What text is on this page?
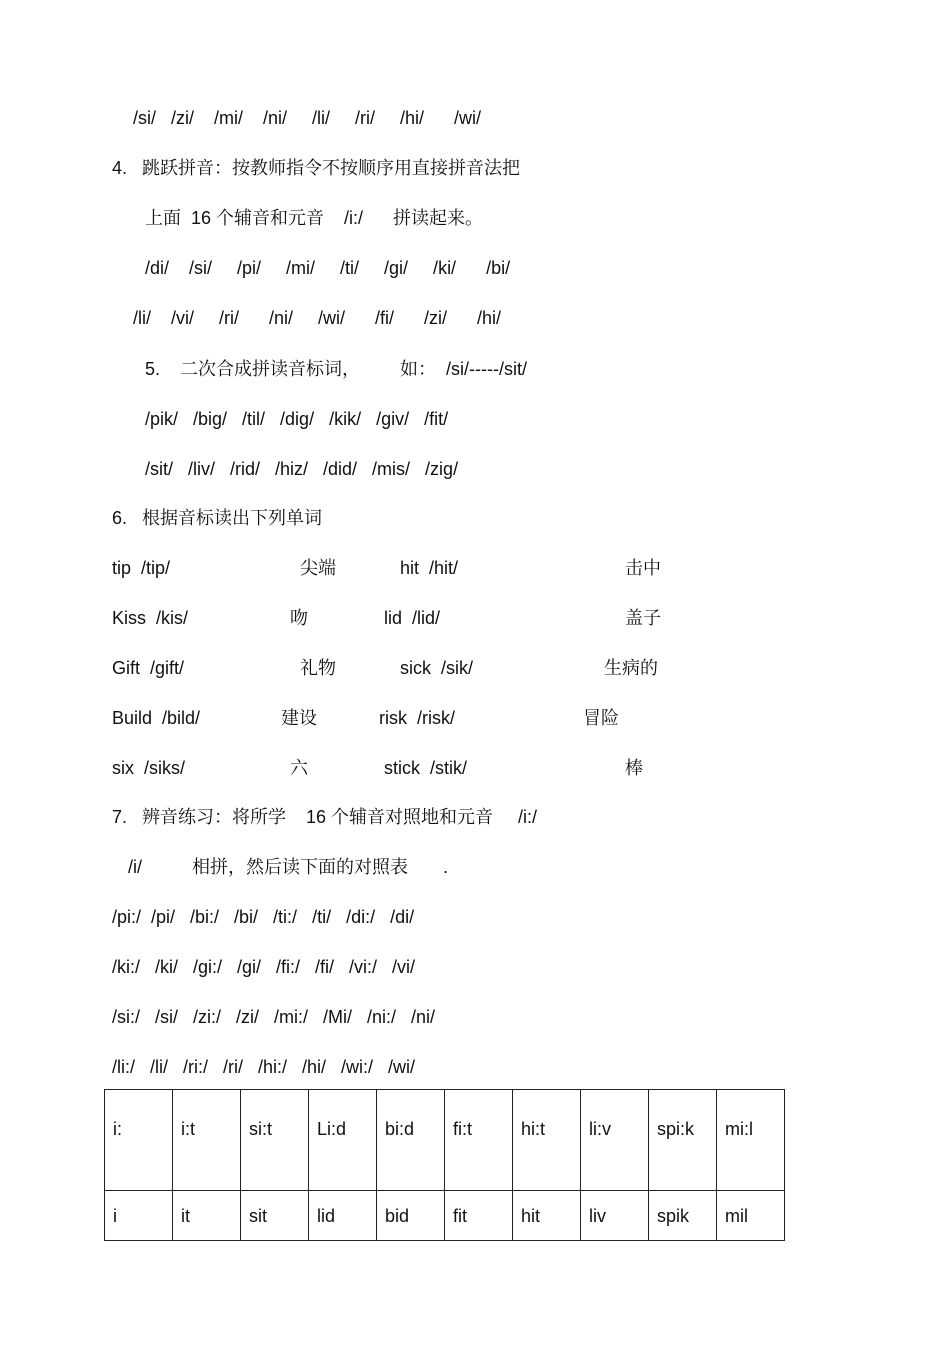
/si/   /zi/    /mi/    /ni/     /li/     /ri/     /hi/      /wi/
4.   跳跃拼音：按教师指令不按顺序用直接拼音法把
上面  16 个辅音和元音    /i:/      拼读起来。
/di/    /si/     /pi/     /mi/     /ti/     /gi/     /ki/      /bi/
/li/    /vi/     /ri/      /ni/     /wi/      /fi/      /zi/      /hi/
5.    二次合成拼读音标词，        如：  /si/-----/sit/
/pik/   /big/   /til/   /dig/   /kik/   /giv/   /fit/
/sit/   /liv/   /rid/   /hiz/   /did/   /mis/   /zig/
6.   根据音标读出下列单词
tip  /tip/	尖端	hit  /hit/	击中
Kiss  /kis/	吻	lid  /lid/	盖子
Gift  /gift/	礼物	sick  /sik/	生病的
Build  /bild/	建设	risk  /risk/	冒险
six  /siks/	六	stick  /stik/	棒
7.   辨音练习：将所学    16 个辅音对照地和元音     /i:/
/i/          相拼，然后读下面的对照表       .
/pi:/  /pi/   /bi:/   /bi/   /ti:/   /ti/   /di:/   /di/
/ki:/   /ki/   /gi:/   /gi/   /fi:/   /fi/   /vi:/   /vi/
/si:/   /si/   /zi:/   /zi/   /mi:/   /Mi/   /ni:/   /ni/
/li:/   /li/   /ri:/   /ri/   /hi:/   /hi/   /wi:/   /wi/
i:	i:t	si:t	Li:d	bi:d	fi:t	hi:t	li:v	spi:k	mi:l

i	it	sit	lid	bid	fit	hit	liv	spik	mil
